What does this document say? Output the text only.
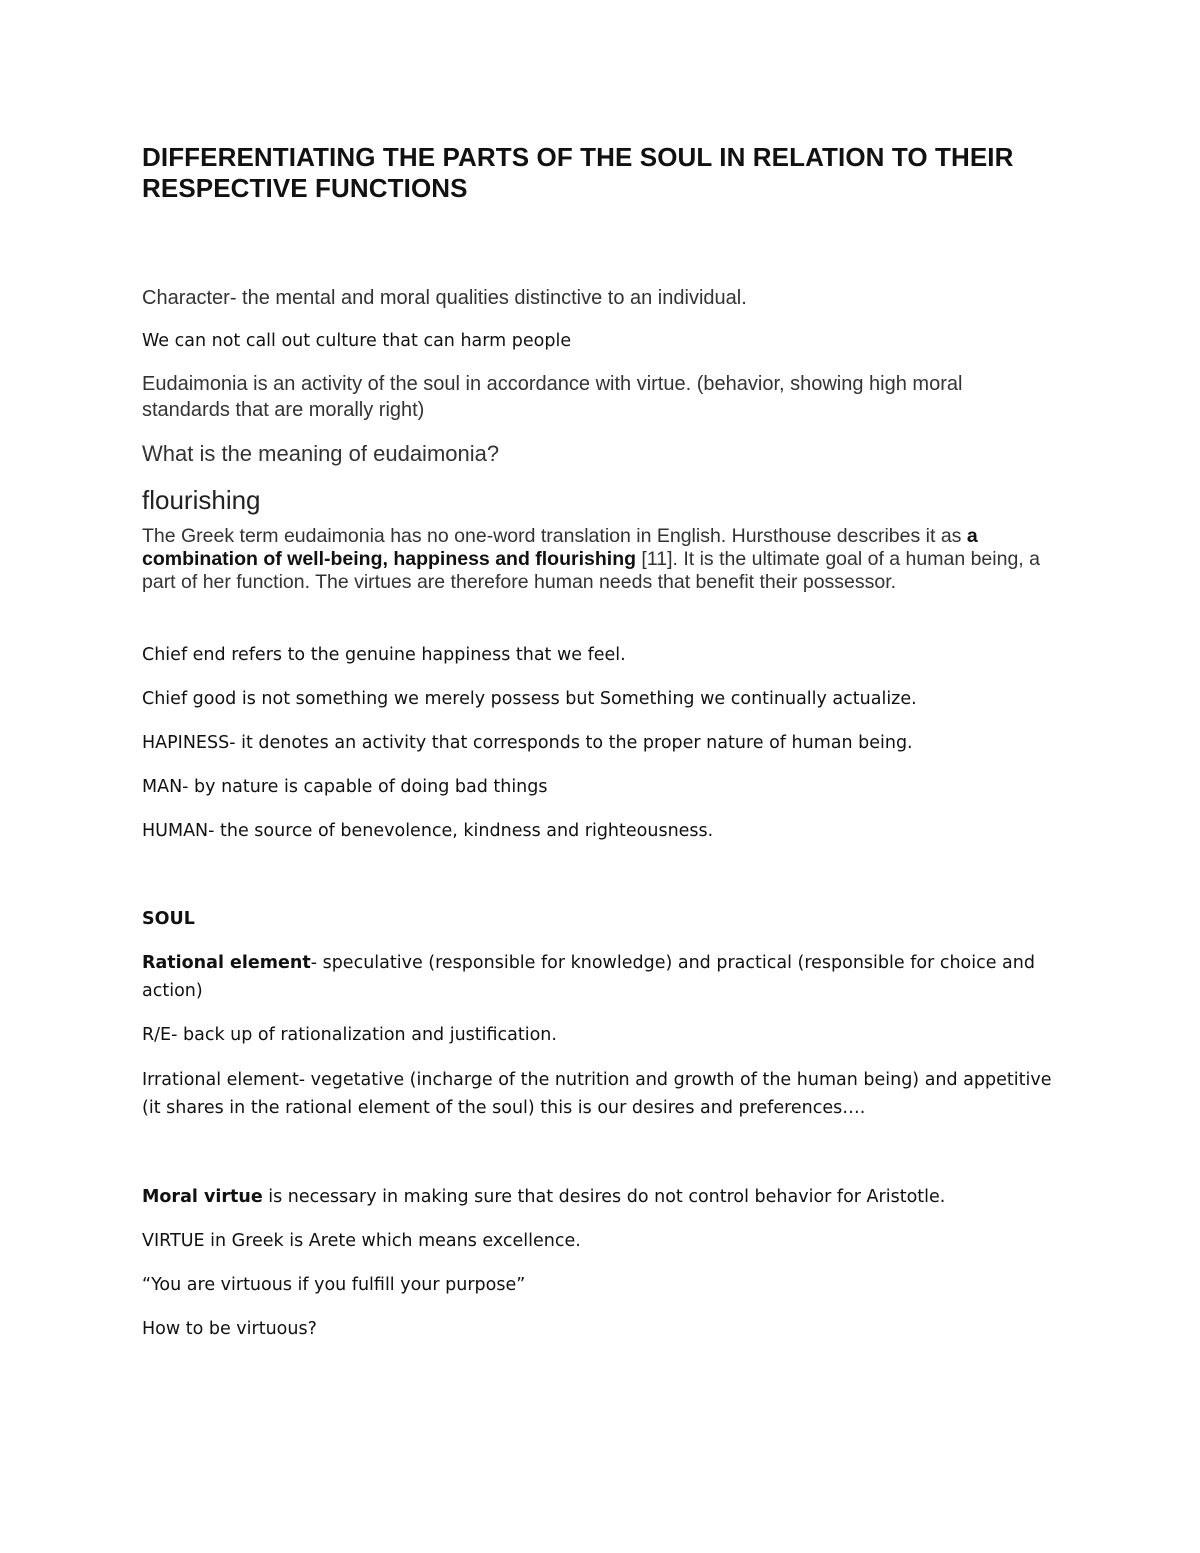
DIFFERENTIATING THE PARTS OF THE SOUL IN RELATION TO THEIR RESPECTIVE FUNCTIONS

Character- the mental and moral qualities distinctive to an individual.

We can not call out culture that can harm people

Eudaimonia is an activity of the soul in accordance with virtue. (behavior, showing high moral standards that are morally right)

What is the meaning of eudaimonia?

flourishing

The Greek term eudaimonia has no one-word translation in English. Hursthouse describes it as a combination of well-being, happiness and flourishing [11]. It is the ultimate goal of a human being, a part of her function. The virtues are therefore human needs that benefit their possessor.

Chief end refers to the genuine happiness that we feel.

Chief good is not something we merely possess but Something we continually actualize.

HAPINESS- it denotes an activity that corresponds to the proper nature of human being.

MAN- by nature is capable of doing bad things

HUMAN- the source of benevolence, kindness and righteousness.

SOUL

Rational element- speculative (responsible for knowledge) and practical (responsible for choice and action)

R/E- back up of rationalization and justification.

Irrational element- vegetative (incharge of the nutrition and growth of the human being) and appetitive (it shares in the rational element of the soul) this is our desires and preferences….

Moral virtue is necessary in making sure that desires do not control behavior for Aristotle.

VIRTUE in Greek is Arete which means excellence.

“You are virtuous if you fulfill your purpose”

How to be virtuous?
